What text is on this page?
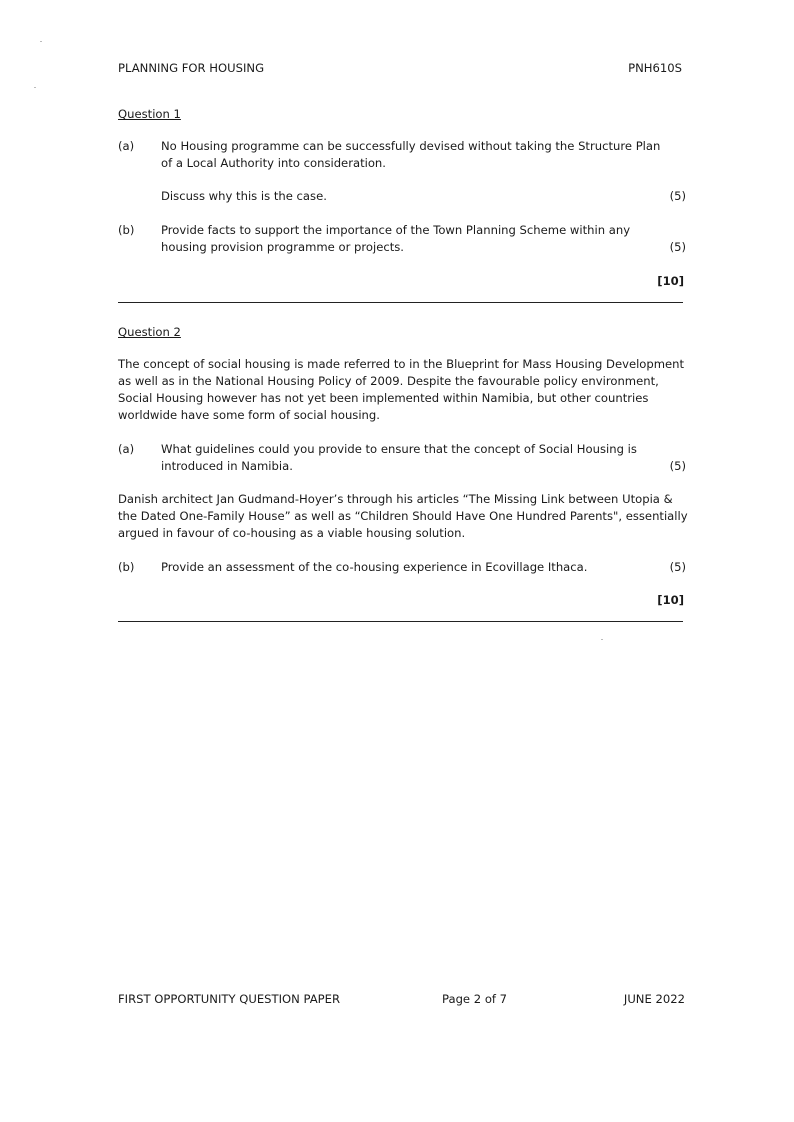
PLANNING FOR HOUSING	PNH610S
Question 1
(a) No Housing programme can be successfully devised without taking the Structure Plan of a Local Authority into consideration.
Discuss why this is the case.	(5)
(b) Provide facts to support the importance of the Town Planning Scheme within any housing provision programme or projects.	(5)
[10]
Question 2
The concept of social housing is made referred to in the Blueprint for Mass Housing Development as well as in the National Housing Policy of 2009. Despite the favourable policy environment, Social Housing however has not yet been implemented within Namibia, but other countries worldwide have some form of social housing.
(a) What guidelines could you provide to ensure that the concept of Social Housing is introduced in Namibia.	(5)
Danish architect Jan Gudmand-Hoyer’s through his articles “The Missing Link between Utopia & the Dated One-Family House” as well as “Children Should Have One Hundred Parents", essentially argued in favour of co-housing as a viable housing solution.
(b) Provide an assessment of the co-housing experience in Ecovillage Ithaca.	(5)
[10]
FIRST OPPORTUNITY QUESTION PAPER	Page 2 of 7	JUNE 2022
